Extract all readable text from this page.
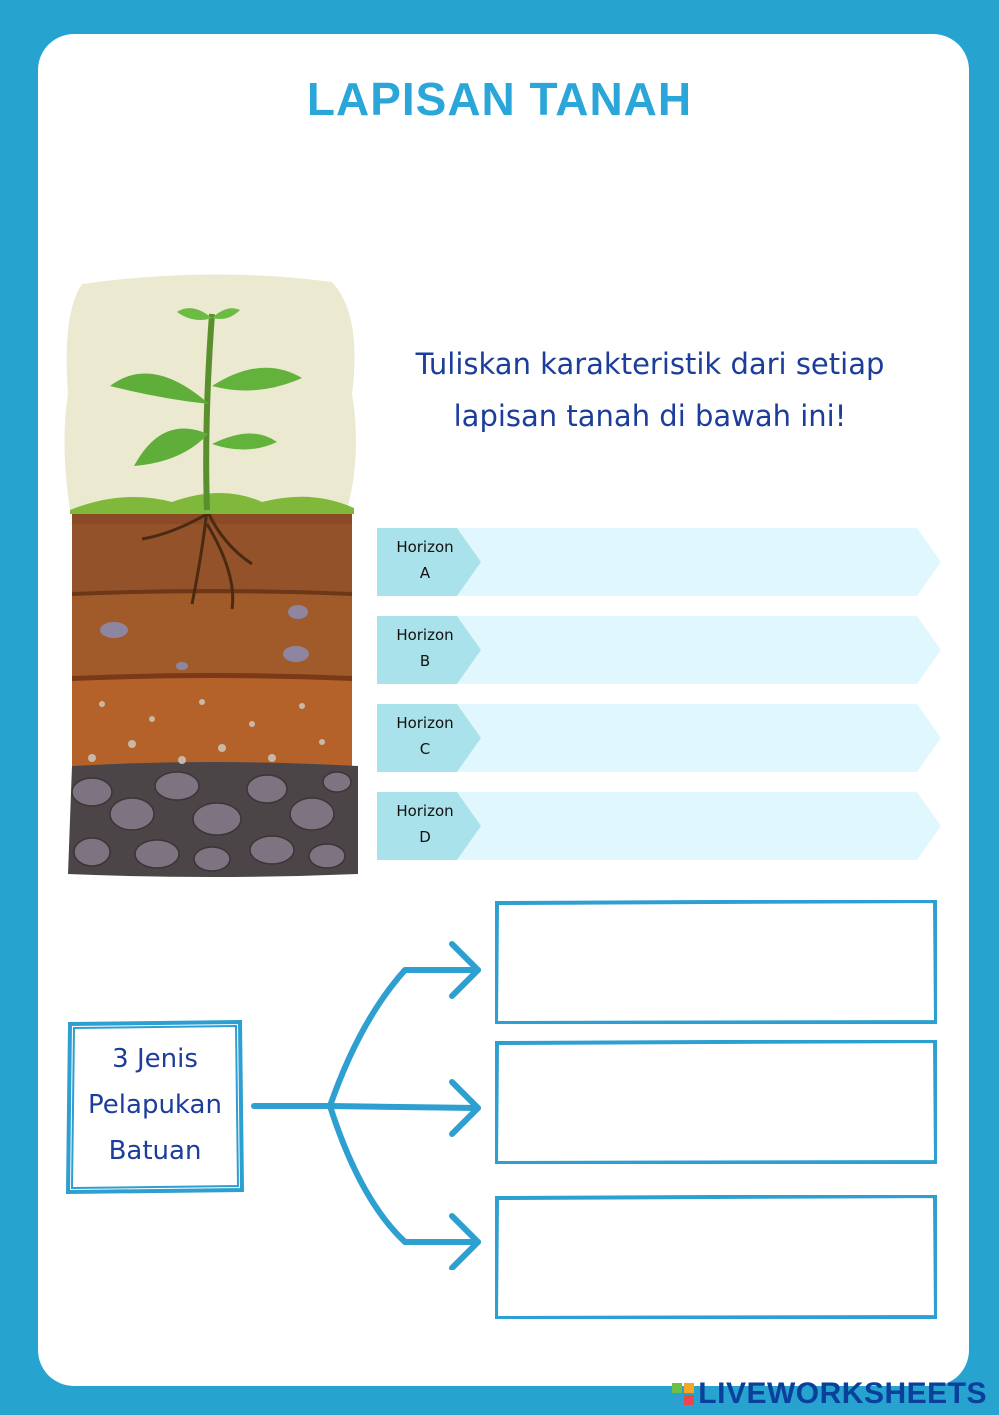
LAPISAN TANAH
Tuliskan karakteristik dari setiap
lapisan tanah di bawah ini!
Horizon
A
Horizon
B
Horizon
C
Horizon
D
3 Jenis
Pelapukan
Batuan
LIVEWORKSHEETS
